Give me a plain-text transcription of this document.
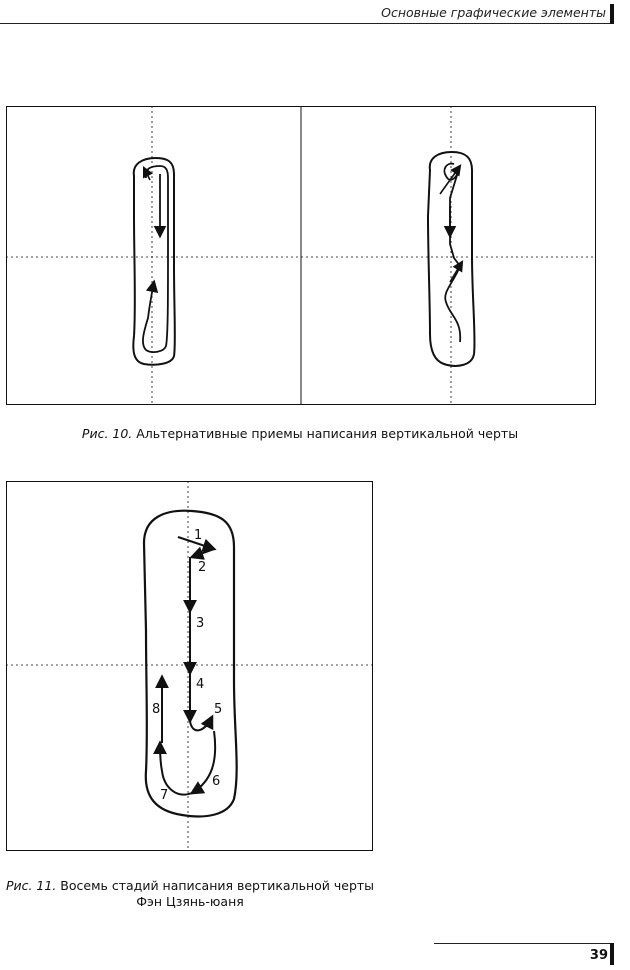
Основные графические элементы
Рис. 10. Альтернативные приемы написания вертикальной черты
1
2
3
4
5
6
7
8
Рис. 11. Восемь стадий написания вертикальной черты
Фэн Цзянь-юаня
39
